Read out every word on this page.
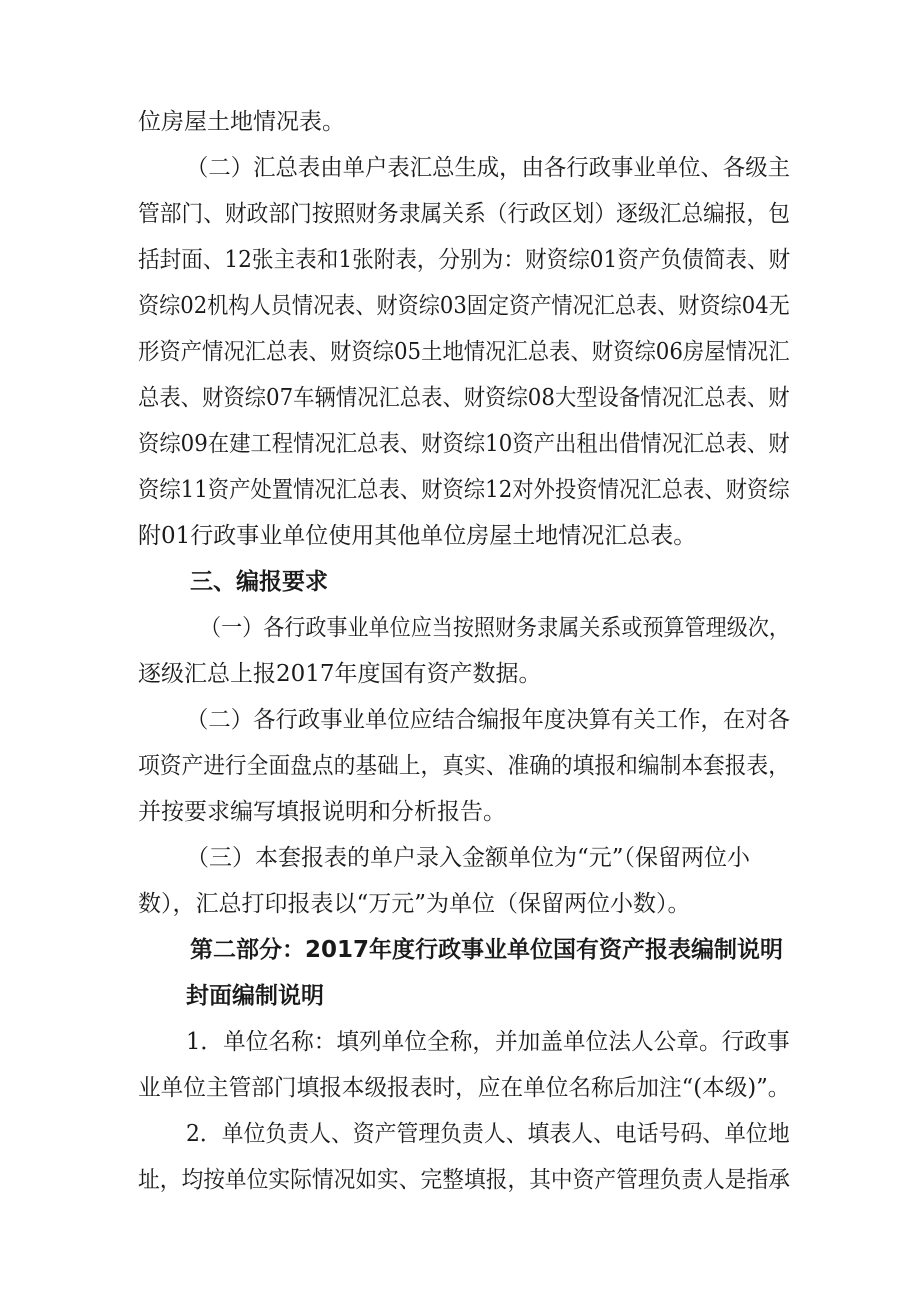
位房屋土地情况表。
（二）汇总表由单户表汇总生成，由各行政事业单位、各级主
管部门、财政部门按照财务隶属关系（行政区划）逐级汇总编报，包
括封面、12张主表和1张附表，分别为：财资综01资产负债简表、财
资综02机构人员情况表、财资综03固定资产情况汇总表、财资综04无
形资产情况汇总表、财资综05土地情况汇总表、财资综06房屋情况汇
总表、财资综07车辆情况汇总表、财资综08大型设备情况汇总表、财
资综09在建工程情况汇总表、财资综10资产出租出借情况汇总表、财
资综11资产处置情况汇总表、财资综12对外投资情况汇总表、财资综
附01行政事业单位使用其他单位房屋土地情况汇总表。
三、编报要求
（一）各行政事业单位应当按照财务隶属关系或预算管理级次，
逐级汇总上报2017年度国有资产数据。
（二）各行政事业单位应结合编报年度决算有关工作，在对各
项资产进行全面盘点的基础上，真实、准确的填报和编制本套报表，
并按要求编写填报说明和分析报告。
（三）本套报表的单户录入金额单位为“元”（保留两位小
数），汇总打印报表以“万元”为单位（保留两位小数）。
第二部分：2017年度行政事业单位国有资产报表编制说明
封面编制说明
1．单位名称：填列单位全称，并加盖单位法人公章。行政事
业单位主管部门填报本级报表时，应在单位名称后加注“(本级)”。
2．单位负责人、资产管理负责人、填表人、电话号码、单位地
址，均按单位实际情况如实、完整填报，其中资产管理负责人是指承
